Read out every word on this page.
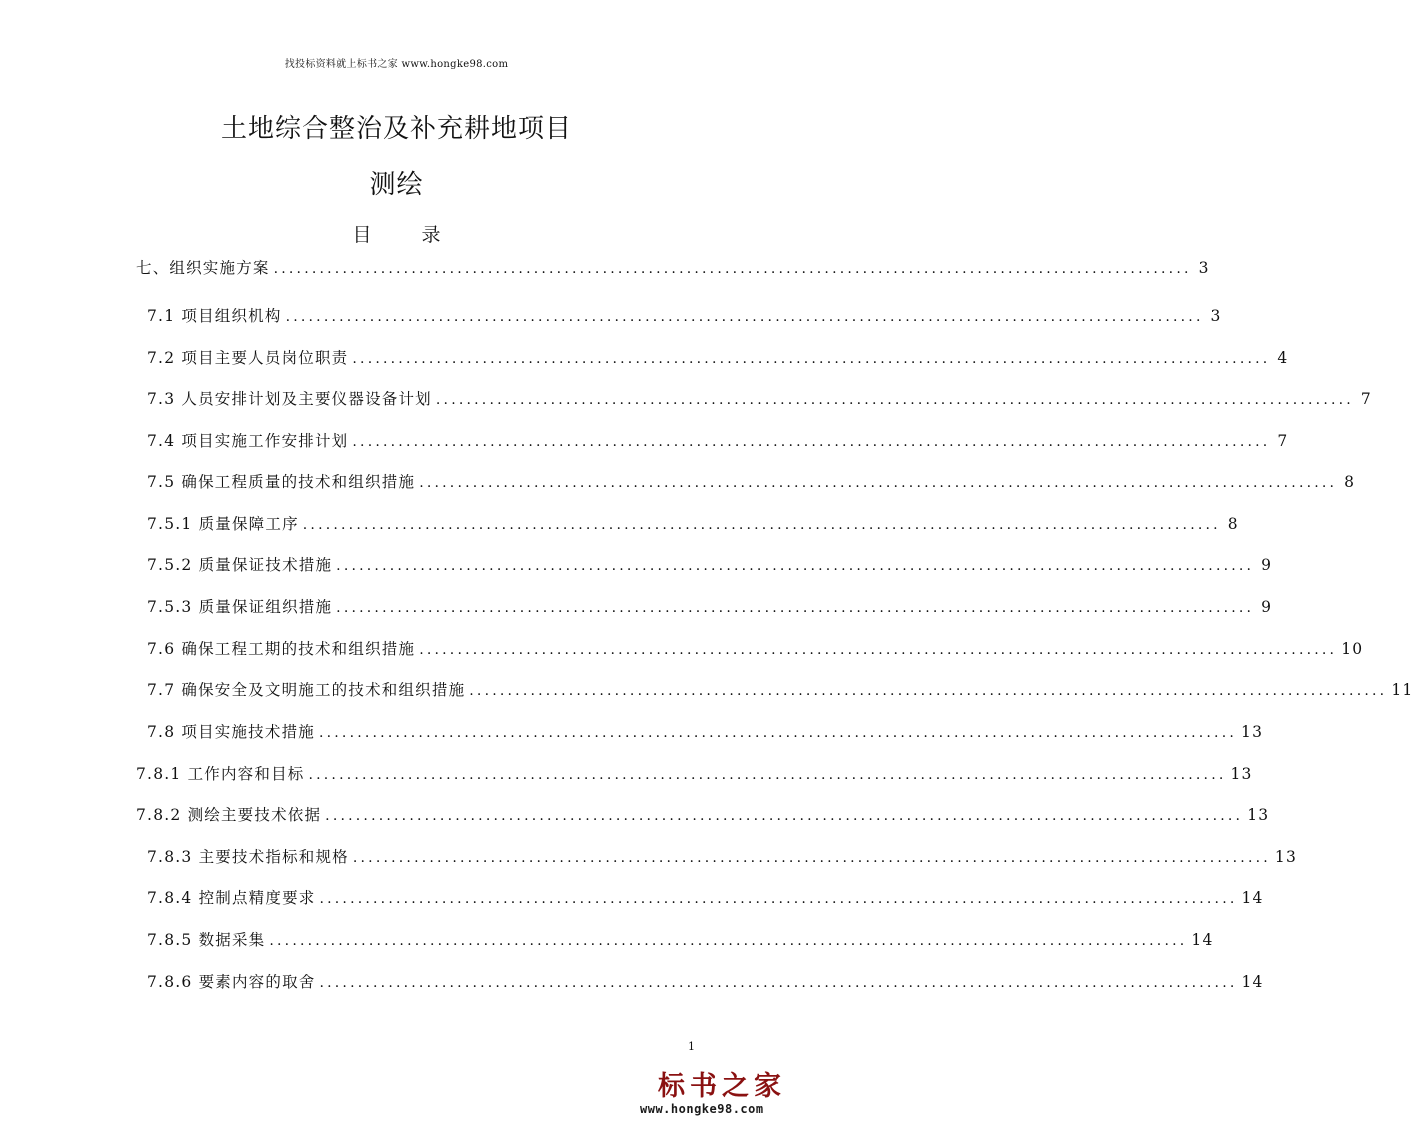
找投标资料就上标书之家 www.hongke98.com
土地综合整治及补充耕地项目
测绘
目 录
七、组织实施方案 ........................................................................................................................ 3
7.1 项目组织机构 ........................................................................................................................ 3
7.2 项目主要人员岗位职责 ........................................................................................................................ 4
7.3 人员安排计划及主要仪器设备计划 ........................................................................................................................ 7
7.4 项目实施工作安排计划 ........................................................................................................................ 7
7.5 确保工程质量的技术和组织措施 ........................................................................................................................ 8
7.5.1 质量保障工序 ........................................................................................................................ 8
7.5.2 质量保证技术措施 ........................................................................................................................ 9
7.5.3 质量保证组织措施 ........................................................................................................................ 9
7.6 确保工程工期的技术和组织措施 ........................................................................................................................ 10
7.7 确保安全及文明施工的技术和组织措施 ........................................................................................................................ 11
7.8 项目实施技术措施 ........................................................................................................................ 13
7.8.1 工作内容和目标 ........................................................................................................................ 13
7.8.2 测绘主要技术依据 ........................................................................................................................ 13
7.8.3 主要技术指标和规格 ........................................................................................................................ 13
7.8.4 控制点精度要求 ........................................................................................................................ 14
7.8.5 数据采集 ........................................................................................................................ 14
7.8.6 要素内容的取舍 ........................................................................................................................ 14
1
标书之家
www.hongke98.com
